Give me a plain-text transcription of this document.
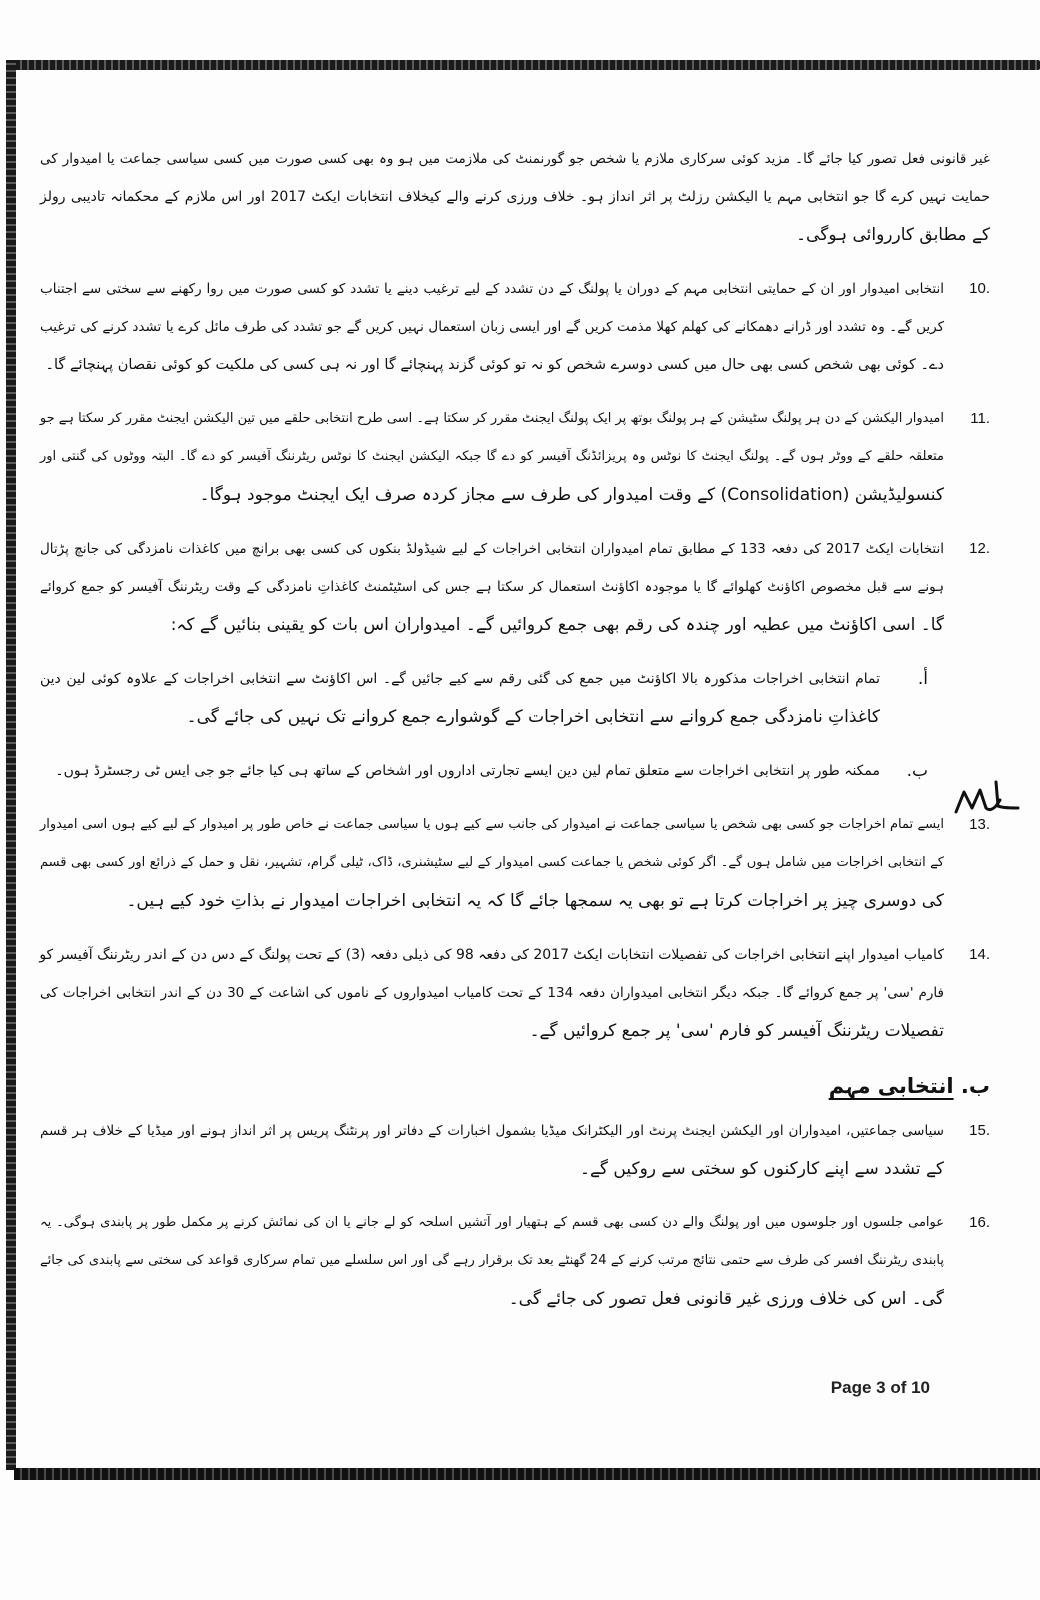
غیر قانونی فعل تصور کیا جائے گا۔ مزید کوئی سرکاری ملازم یا شخص جو گورنمنٹ کی ملازمت میں ہو وہ بھی کسی صورت میں کسی سیاسی جماعت یا امیدوار کی
حمایت نہیں کرے گا جو انتخابی مہم یا الیکشن رزلٹ پر اثر انداز ہو۔ خلاف ورزی کرنے والے کیخلاف انتخابات ایکٹ 2017 اور اس ملازم کے محکمانہ تادیبی رولز
کے مطابق کارروائی ہوگی۔
10.
انتخابی امیدوار اور ان کے حمایتی انتخابی مہم کے دوران یا پولنگ کے دن تشدد کے لیے ترغیب دینے یا تشدد کو کسی صورت میں روا رکھنے سے سختی سے اجتناب
کریں گے۔ وہ تشدد اور ڈرانے دھمکانے کی کھلم کھلا مذمت کریں گے اور ایسی زبان استعمال نہیں کریں گے جو تشدد کی طرف مائل کرے یا تشدد کرنے کی ترغیب
دے۔ کوئی بھی شخص کسی بھی حال میں کسی دوسرے شخص کو نہ تو کوئی گزند پہنچائے گا اور نہ ہی کسی کی ملکیت کو کوئی نقصان پہنچائے گا۔
11.
امیدوار الیکشن کے دن ہر پولنگ سٹیشن کے ہر پولنگ بوتھ پر ایک پولنگ ایجنٹ مقرر کر سکتا ہے۔ اسی طرح انتخابی حلقے میں تین الیکشن ایجنٹ مقرر کر سکتا ہے جو
متعلقہ حلقے کے ووٹر ہوں گے۔ پولنگ ایجنٹ کا نوٹس وہ پریزائڈنگ آفیسر کو دے گا جبکہ الیکشن ایجنٹ کا نوٹس ریٹرننگ آفیسر کو دے گا۔ البتہ ووٹوں کی گنتی اور
کنسولیڈیشن (Consolidation) کے وقت امیدوار کی طرف سے مجاز کردہ صرف ایک ایجنٹ موجود ہوگا۔
12.
انتخابات ایکٹ 2017 کی دفعہ 133 کے مطابق تمام امیدواران انتخابی اخراجات کے لیے شیڈولڈ بنکوں کی کسی بھی برانچ میں کاغذات نامزدگی کی جانچ پڑتال
ہونے سے قبل مخصوص اکاؤنٹ کھلوائے گا یا موجودہ اکاؤنٹ استعمال کر سکتا ہے جس کی اسٹیٹمنٹ کاغذاتِ نامزدگی کے وقت ریٹرننگ آفیسر کو جمع کروائے
گا۔ اسی اکاؤنٹ میں عطیہ اور چندہ کی رقم بھی جمع کروائیں گے۔ امیدواران اس بات کو یقینی بنائیں گے کہ:
أ.
تمام انتخابی اخراجات مذکورہ بالا اکاؤنٹ میں جمع کی گئی رقم سے کیے جائیں گے۔ اس اکاؤنٹ سے انتخابی اخراجات کے علاوہ کوئی لین دین
کاغذاتِ نامزدگی جمع کروانے سے انتخابی اخراجات کے گوشوارے جمع کروانے تک نہیں کی جائے گی۔
ب.
ممکنہ طور پر انتخابی اخراجات سے متعلق تمام لین دین ایسے تجارتی اداروں اور اشخاص کے ساتھ ہی کیا جائے جو جی ایس ٹی رجسٹرڈ ہوں۔
13.
ایسے تمام اخراجات جو کسی بھی شخص یا سیاسی جماعت نے امیدوار کی جانب سے کیے ہوں یا سیاسی جماعت نے خاص طور پر امیدوار کے لیے کیے ہوں اسی امیدوار
کے انتخابی اخراجات میں شامل ہوں گے۔ اگر کوئی شخص یا جماعت کسی امیدوار کے لیے سٹیشنری، ڈاک، ٹیلی گرام، تشہیر، نقل و حمل کے ذرائع اور کسی بھی قسم
کی دوسری چیز پر اخراجات کرتا ہے تو بھی یہ سمجھا جائے گا کہ یہ انتخابی اخراجات امیدوار نے بذاتِ خود کیے ہیں۔
14.
کامیاب امیدوار اپنے انتخابی اخراجات کی تفصیلات انتخابات ایکٹ 2017 کی دفعہ 98 کی ذیلی دفعہ (3) کے تحت پولنگ کے دس دن کے اندر ریٹرننگ آفیسر کو
فارم 'سی' پر جمع کروائے گا۔ جبکہ دیگر انتخابی امیدواران دفعہ 134 کے تحت کامیاب امیدواروں کے ناموں کی اشاعت کے 30 دن کے اندر انتخابی اخراجات کی
تفصیلات ریٹرننگ آفیسر کو فارم 'سی' پر جمع کروائیں گے۔
ب. انتخابی مہم
15.
سیاسی جماعتیں، امیدواران اور الیکشن ایجنٹ پرنٹ اور الیکٹرانک میڈیا بشمول اخبارات کے دفاتر اور پرنٹنگ پریس پر اثر انداز ہونے اور میڈیا کے خلاف ہر قسم
کے تشدد سے اپنے کارکنوں کو سختی سے روکیں گے۔
16.
عوامی جلسوں اور جلوسوں میں اور پولنگ والے دن کسی بھی قسم کے ہتھیار اور آتشیں اسلحہ کو لے جانے یا ان کی نمائش کرنے پر مکمل طور پر پابندی ہوگی۔ یہ
پابندی ریٹرننگ افسر کی طرف سے حتمی نتائج مرتب کرنے کے 24 گھنٹے بعد تک برقرار رہے گی اور اس سلسلے میں تمام سرکاری قواعد کی سختی سے پابندی کی جائے
گی۔ اس کی خلاف ورزی غیر قانونی فعل تصور کی جائے گی۔
Page 3 of 10
